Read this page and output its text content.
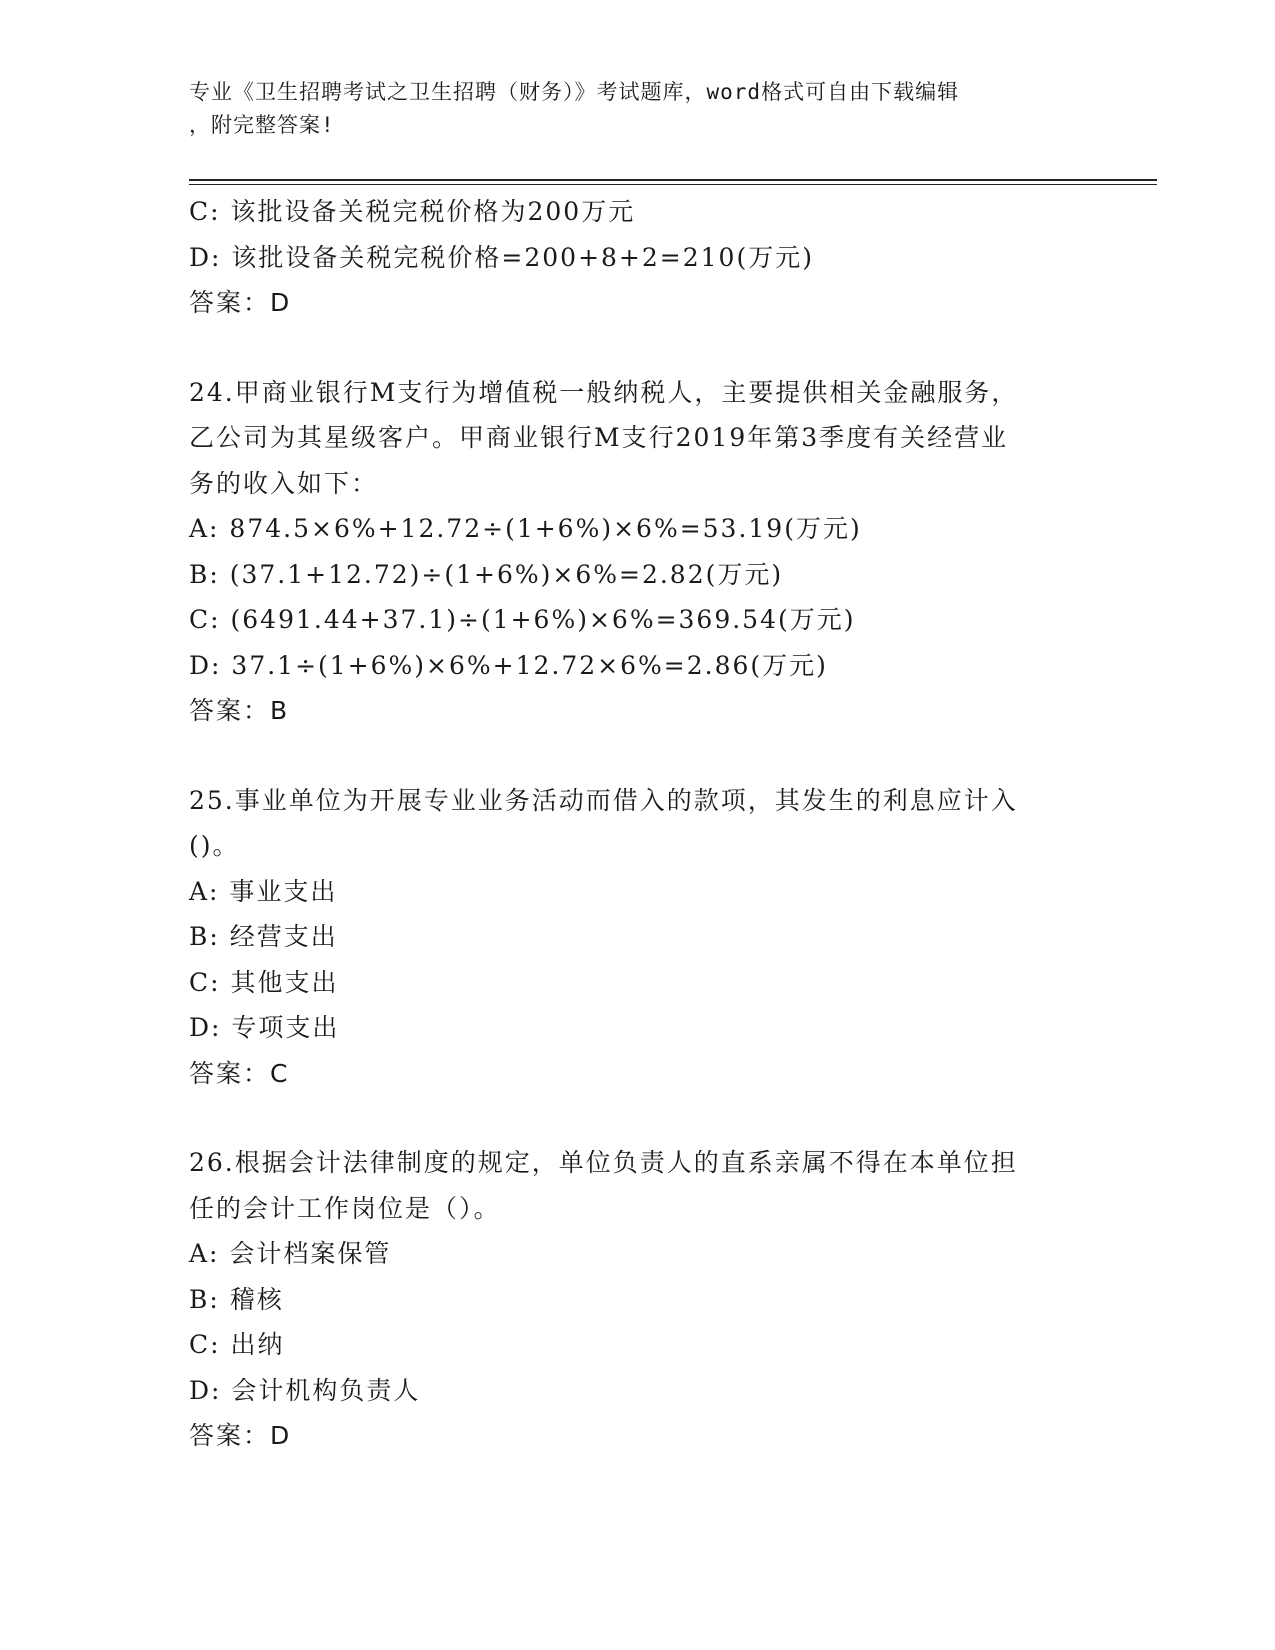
专业《卫生招聘考试之卫生招聘（财务）》考试题库，word格式可自由下载编辑
，附完整答案!
C: 该批设备关税完税价格为200万元
D: 该批设备关税完税价格=200+8+2=210(万元)
答案：D
24.甲商业银行M支行为增值税一般纳税人，主要提供相关金融服务，
乙公司为其星级客户。甲商业银行M支行2019年第3季度有关经营业
务的收入如下：
A: 874.5×6%+12.72÷(1+6%)×6%=53.19(万元)
B: (37.1+12.72)÷(1+6%)×6%=2.82(万元)
C: (6491.44+37.1)÷(1+6%)×6%=369.54(万元)
D: 37.1÷(1+6%)×6%+12.72×6%=2.86(万元)
答案：B
25.事业单位为开展专业业务活动而借入的款项，其发生的利息应计入
()。
A: 事业支出
B: 经营支出
C: 其他支出
D: 专项支出
答案：C
26.根据会计法律制度的规定，单位负责人的直系亲属不得在本单位担
任的会计工作岗位是（）。
A: 会计档案保管
B: 稽核
C: 出纳
D: 会计机构负责人
答案：D
